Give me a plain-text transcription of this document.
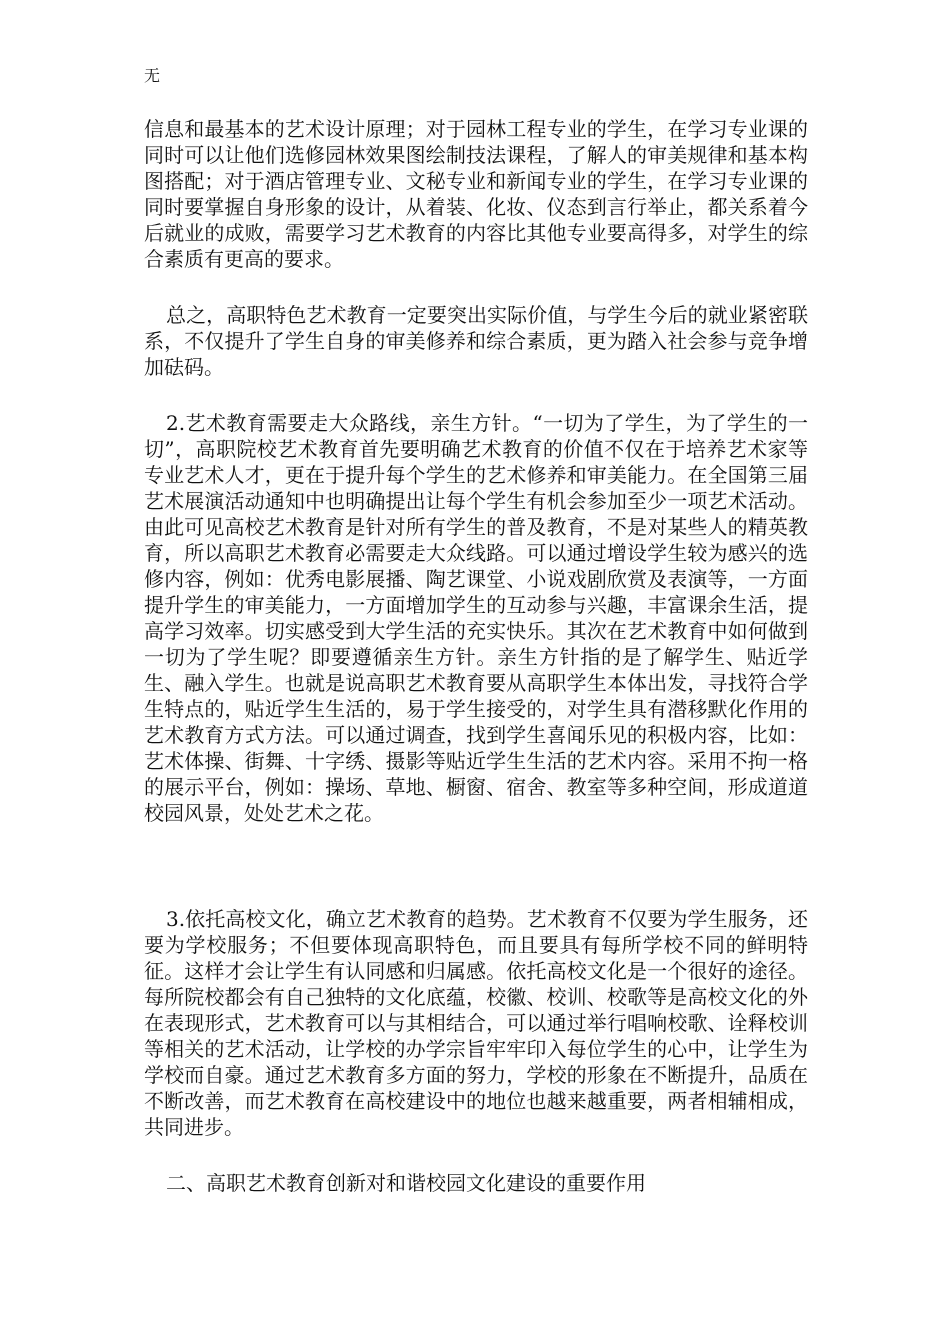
无

信息和最基本的艺术设计原理；对于园林工程专业的学生，在学习专业课的同时可以让他们选修园林效果图绘制技法课程，了解人的审美规律和基本构图搭配；对于酒店管理专业、文秘专业和新闻专业的学生，在学习专业课的同时要掌握自身形象的设计，从着装、化妆、仪态到言行举止，都关系着今后就业的成败，需要学习艺术教育的内容比其他专业要高得多，对学生的综合素质有更高的要求。

总之，高职特色艺术教育一定要突出实际价值，与学生今后的就业紧密联系，不仅提升了学生自身的审美修养和综合素质，更为踏入社会参与竞争增加砝码。

2.艺术教育需要走大众路线，亲生方针。“一切为了学生，为了学生的一切”，高职院校艺术教育首先要明确艺术教育的价值不仅在于培养艺术家等专业艺术人才，更在于提升每个学生的艺术修养和审美能力。在全国第三届艺术展演活动通知中也明确提出让每个学生有机会参加至少一项艺术活动。由此可见高校艺术教育是针对所有学生的普及教育，不是对某些人的精英教育，所以高职艺术教育必需要走大众线路。可以通过增设学生较为感兴的选修内容，例如：优秀电影展播、陶艺课堂、小说戏剧欣赏及表演等，一方面提升学生的审美能力，一方面增加学生的互动参与兴趣，丰富课余生活，提高学习效率。切实感受到大学生活的充实快乐。其次在艺术教育中如何做到一切为了学生呢？即要遵循亲生方针。亲生方针指的是了解学生、贴近学生、融入学生。也就是说高职艺术教育要从高职学生本体出发，寻找符合学生特点的，贴近学生生活的，易于学生接受的，对学生具有潜移默化作用的艺术教育方式方法。可以通过调查，找到学生喜闻乐见的积极内容，比如：艺术体操、街舞、十字绣、摄影等贴近学生生活的艺术内容。采用不拘一格的展示平台，例如：操场、草地、橱窗、宿舍、教室等多种空间，形成道道校园风景，处处艺术之花。

3.依托高校文化，确立艺术教育的趋势。艺术教育不仅要为学生服务，还要为学校服务；不但要体现高职特色，而且要具有每所学校不同的鲜明特征。这样才会让学生有认同感和归属感。依托高校文化是一个很好的途径。每所院校都会有自己独特的文化底蕴，校徽、校训、校歌等是高校文化的外在表现形式，艺术教育可以与其相结合，可以通过举行唱响校歌、诠释校训等相关的艺术活动，让学校的办学宗旨牢牢印入每位学生的心中，让学生为学校而自豪。通过艺术教育多方面的努力，学校的形象在不断提升，品质在不断改善，而艺术教育在高校建设中的地位也越来越重要，两者相辅相成，共同进步。

二、高职艺术教育创新对和谐校园文化建设的重要作用
